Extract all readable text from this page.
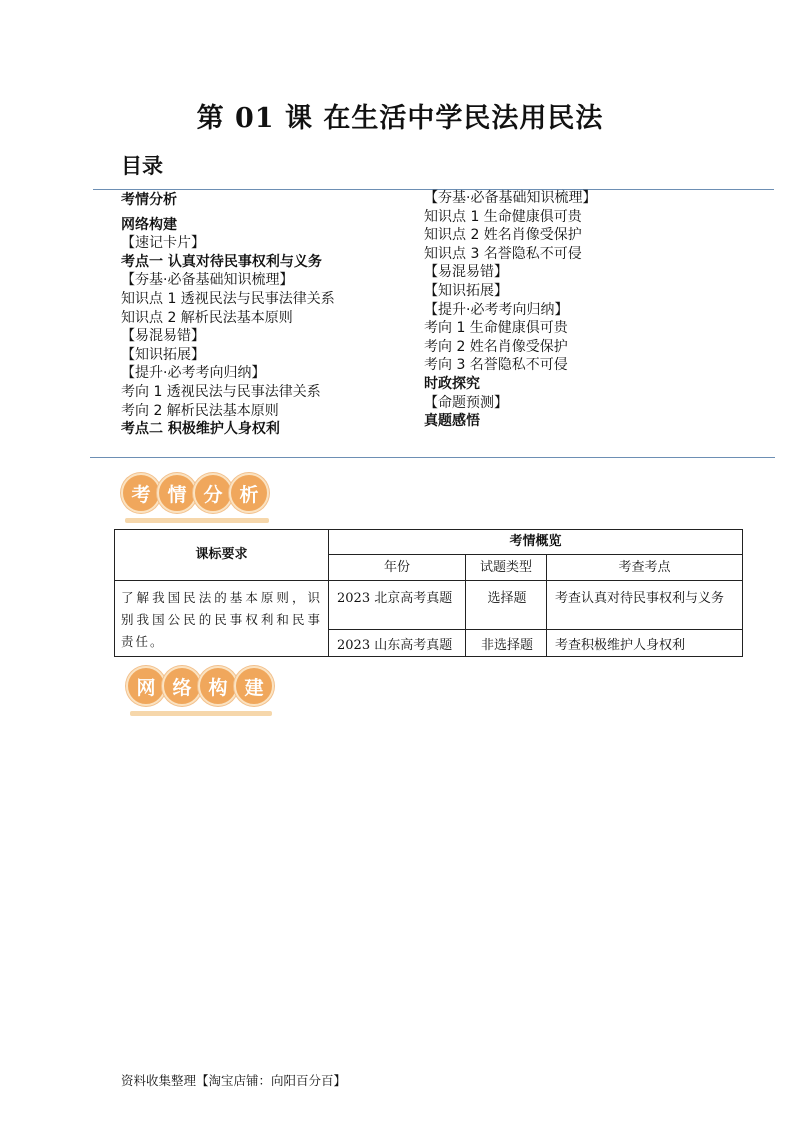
第 01 课 在生活中学民法用民法
目录
考情分析
网络构建
【速记卡片】
考点一 认真对待民事权利与义务
【夯基·必备基础知识梳理】
知识点 1 透视民法与民事法律关系
知识点 2 解析民法基本原则
【易混易错】
【知识拓展】
【提升·必考考向归纳】
考向 1 透视民法与民事法律关系
考向 2 解析民法基本原则
考点二 积极维护人身权利
【夯基·必备基础知识梳理】
知识点 1 生命健康俱可贵
知识点 2 姓名肖像受保护
知识点 3 名誉隐私不可侵
【易混易错】
【知识拓展】
【提升·必考考向归纳】
考向 1 生命健康俱可贵
考向 2 姓名肖像受保护
考向 3 名誉隐私不可侵
时政探究
【命题预测】
真题感悟
考 情 分 析
课标要求	考情概览		
	年份	试题类型	考查考点
了解我国民法的基本原则，识别我国公民的民事权利和民事责任。	2023 北京高考真题	选择题	考查认真对待民事权利与义务
	2023 山东高考真题	非选择题	考查积极维护人身权利
网 络 构 建
资料收集整理【淘宝店铺：向阳百分百】
